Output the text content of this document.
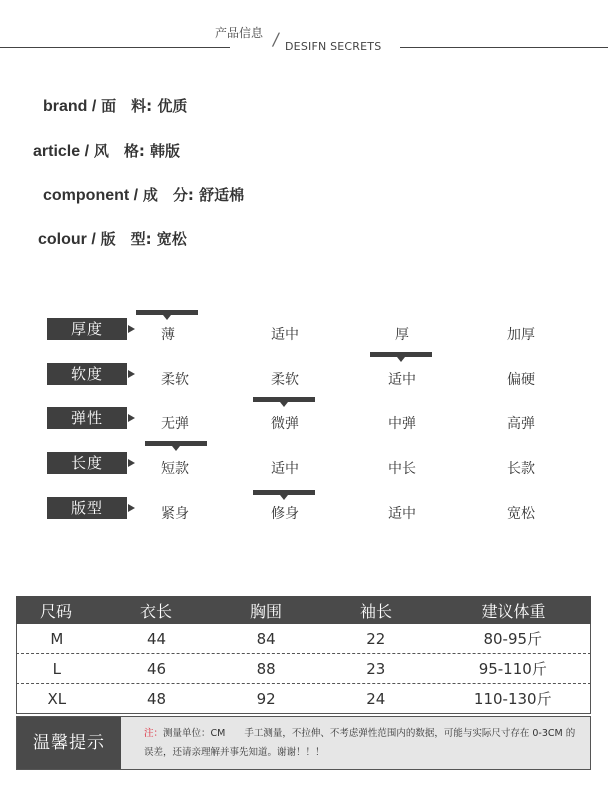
产品信息 / DESIFN SECRETS
brand / 面　料: 优质
article / 风　格: 韩版
component / 成　分: 舒适棉
colour / 版　型: 宽松
厚度	薄	适中	厚	加厚
软度	柔软	柔软	适中	偏硬
弹性	无弹	微弹	中弹	高弹
长度	短款	适中	中长	长款
版型	紧身	修身	适中	宽松
尺码	衣长	胸围	袖长	建议体重
M	44	84	22	80-95斤
L	46	88	23	95-110斤
XL	48	92	24	110-130斤
温馨提示	注：测量单位：CM　　手工测量，不拉伸、不考虑弹性范围内的数据，可能与实际尺寸存在 0-3CM 的误差，还请亲理解并事先知道。谢谢！！！
